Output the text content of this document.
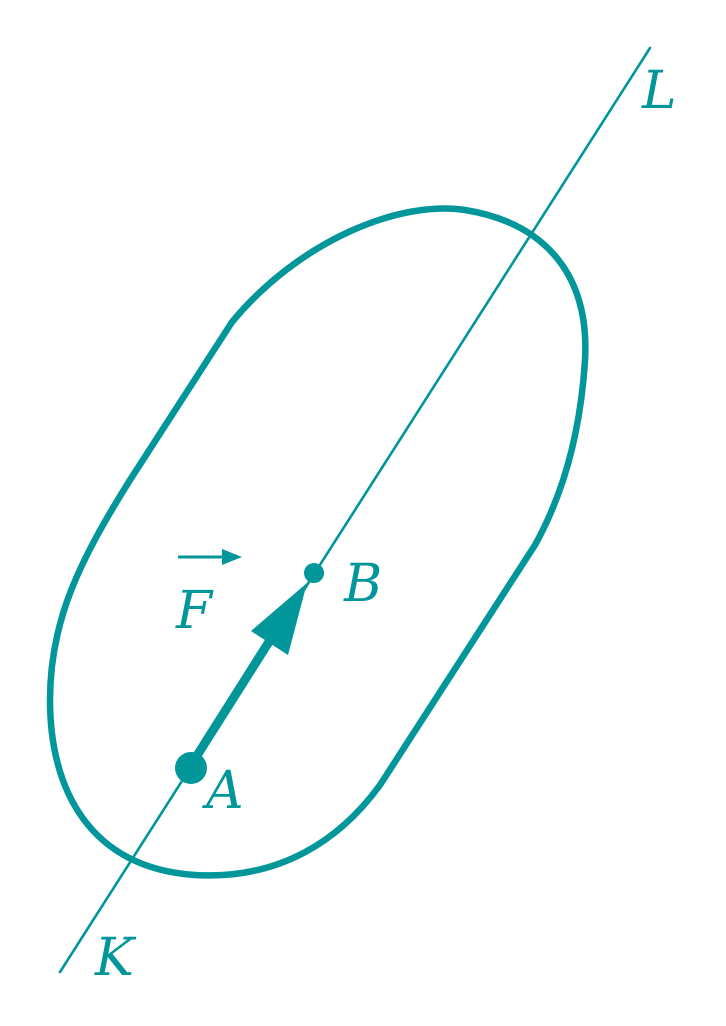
L
K
B
A
F
